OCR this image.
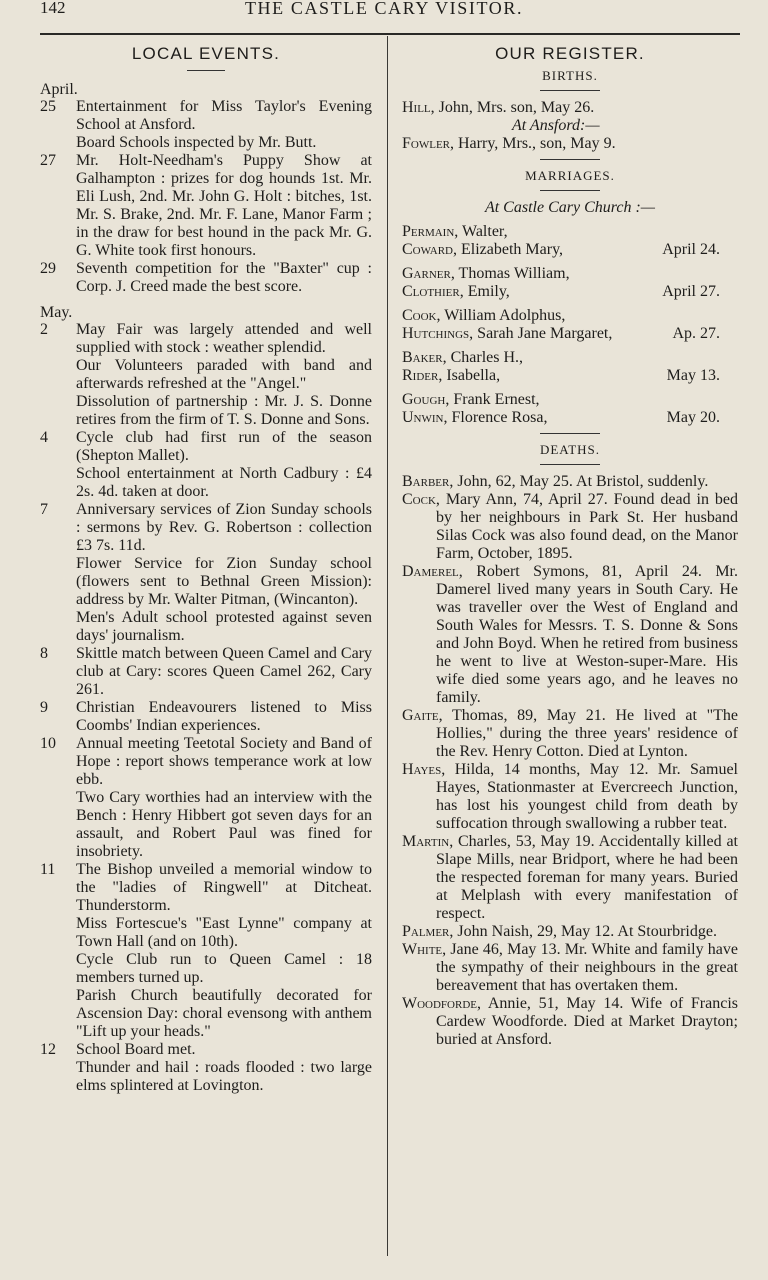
142	THE CASTLE CARY VISITOR.
LOCAL EVENTS.
April.
25 Entertainment for Miss Taylor's Evening School at Ansford.

Board Schools inspected by Mr. Butt.

27 Mr. Holt-Needham's Puppy Show at Galhampton : prizes for dog hounds 1st. Mr. Eli Lush, 2nd. Mr. John G. Holt : bitches, 1st. Mr. S. Brake, 2nd. Mr. F. Lane, Manor Farm ; in the draw for best hound in the pack Mr. G. G. White took first honours.

29 Seventh competition for the "Baxter" cup : Corp. J. Creed made the best score.

May.
2 May Fair was largely attended and well supplied with stock : weather splendid.

Our Volunteers paraded with band and afterwards refreshed at the "Angel."

Dissolution of partnership : Mr. J. S. Donne retires from the firm of T. S. Donne and Sons.

4 Cycle club had first run of the season (Shepton Mallet).

School entertainment at North Cadbury : £4 2s. 4d. taken at door.

7 Anniversary services of Zion Sunday schools : sermons by Rev. G. Robertson : collection £3 7s. 11d.

Flower Service for Zion Sunday school (flowers sent to Bethnal Green Mission): address by Mr. Walter Pitman, (Wincanton).

Men's Adult school protested against seven days' journalism.

8 Skittle match between Queen Camel and Cary club at Cary: scores Queen Camel 262, Cary 261.

9 Christian Endeavourers listened to Miss Coombs' Indian experiences.

10 Annual meeting Teetotal Society and Band of Hope : report shows temperance work at low ebb.

Two Cary worthies had an interview with the Bench : Henry Hibbert got seven days for an assault, and Robert Paul was fined for insobriety.

11 The Bishop unveiled a memorial window to the "ladies of Ringwell" at Ditcheat. Thunderstorm.

Miss Fortescue's "East Lynne" company at Town Hall (and on 10th).

Cycle Club run to Queen Camel : 18 members turned up.

Parish Church beautifully decorated for Ascension Day: choral evensong with anthem "Lift up your heads."

12 School Board met.

Thunder and hail : roads flooded : two large elms splintered at Lovington.

OUR REGISTER.
BIRTHS.

Hill, John, Mrs. son, May 26.

At Ansford:—

Fowler, Harry, Mrs., son, May 9.

MARRIAGES.
At Castle Cary Church :—

Permain, Walter,

Coward, Elizabeth Mary,	April 24.

Garner, Thomas William,

Clothier, Emily,	April 27.

Cook, William Adolphus,

Hutchings, Sarah Jane Margaret,	Ap. 27.

Baker, Charles H.,

Rider, Isabella,	May 13.

Gough, Frank Ernest,

Unwin, Florence Rosa,	May 20.

DEATHS.

Barber, John, 62, May 25. At Bristol, suddenly.

Cock, Mary Ann, 74, April 27. Found dead in bed by her neighbours in Park St. Her husband Silas Cock was also found dead, on the Manor Farm, October, 1895.

Damerel, Robert Symons, 81, April 24. Mr. Damerel lived many years in South Cary. He was traveller over the West of England and South Wales for Messrs. T. S. Donne & Sons and John Boyd. When he retired from business he went to live at Weston-super-Mare. His wife died some years ago, and he leaves no family.

Gaite, Thomas, 89, May 21. He lived at "The Hollies," during the three years' residence of the Rev. Henry Cotton. Died at Lynton.

Hayes, Hilda, 14 months, May 12. Mr. Samuel Hayes, Stationmaster at Evercreech Junction, has lost his youngest child from death by suffocation through swallowing a rubber teat.

Martin, Charles, 53, May 19. Accidentally killed at Slape Mills, near Bridport, where he had been the respected foreman for many years. Buried at Melplash with every manifestation of respect.

Palmer, John Naish, 29, May 12. At Stourbridge.

White, Jane 46, May 13. Mr. White and family have the sympathy of their neighbours in the great bereavement that has overtaken them.

Woodforde, Annie, 51, May 14. Wife of Francis Cardew Woodforde. Died at Market Drayton; buried at Ansford.
